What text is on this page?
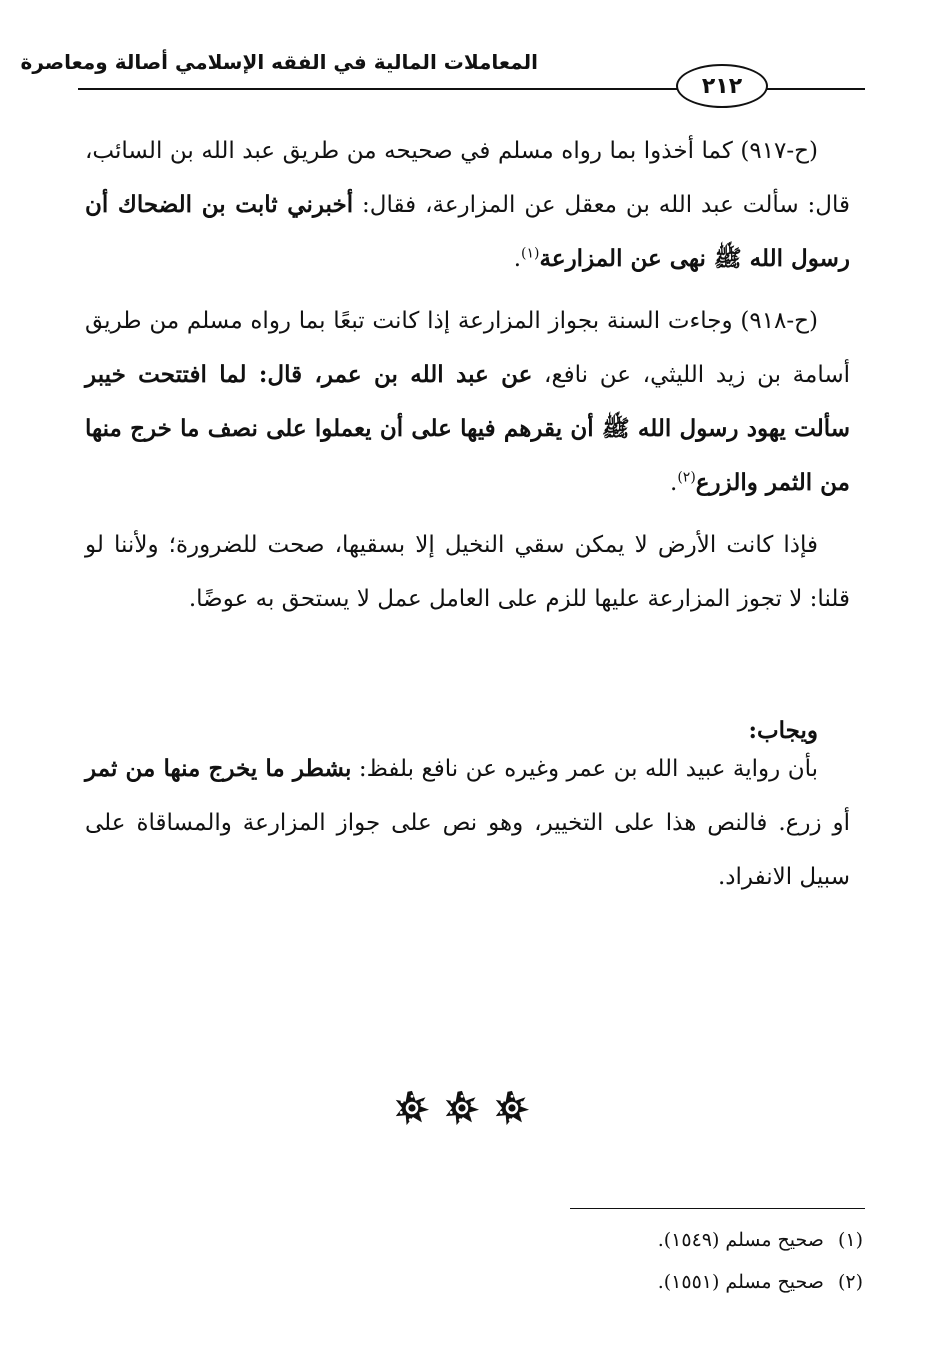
المعاملات المالية في الفقه الإسلامي أصالة ومعاصرة
٢١٢

(ح-٩١٧) كما أخذوا بما رواه مسلم في صحيحه من طريق عبد الله بن السائب، قال: سألت عبد الله بن معقل عن المزارعة، فقال: أخبرني ثابت بن الضحاك أن رسول الله ﷺ نهى عن المزارعة$^{(١)}$.

(ح-٩١٨) وجاءت السنة بجواز المزارعة إذا كانت تبعًا بما رواه مسلم من طريق أسامة بن زيد الليثي، عن نافع، عن عبد الله بن عمر، قال: لما افتتحت خيبر سألت يهود رسول الله ﷺ أن يقرهم فيها على أن يعملوا على نصف ما خرج منها من الثمر والزرع$^{(٢)}$.

فإذا كانت الأرض لا يمكن سقي النخيل إلا بسقيها، صحت للضرورة؛ ولأننا لو قلنا: لا تجوز المزارعة عليها للزم على العامل عمل لا يستحق به عوضًا.

ويجاب:

بأن رواية عبيد الله بن عمر وغيره عن نافع بلفظ: بشطر ما يخرج منها من ثمر أو زرع. فالنص هذا على التخيير، وهو نص على جواز المزارعة والمساقاة على سبيل الانفراد.

(١)صحيح مسلم (١٥٤٩).
(٢)صحيح مسلم (١٥٥١).
